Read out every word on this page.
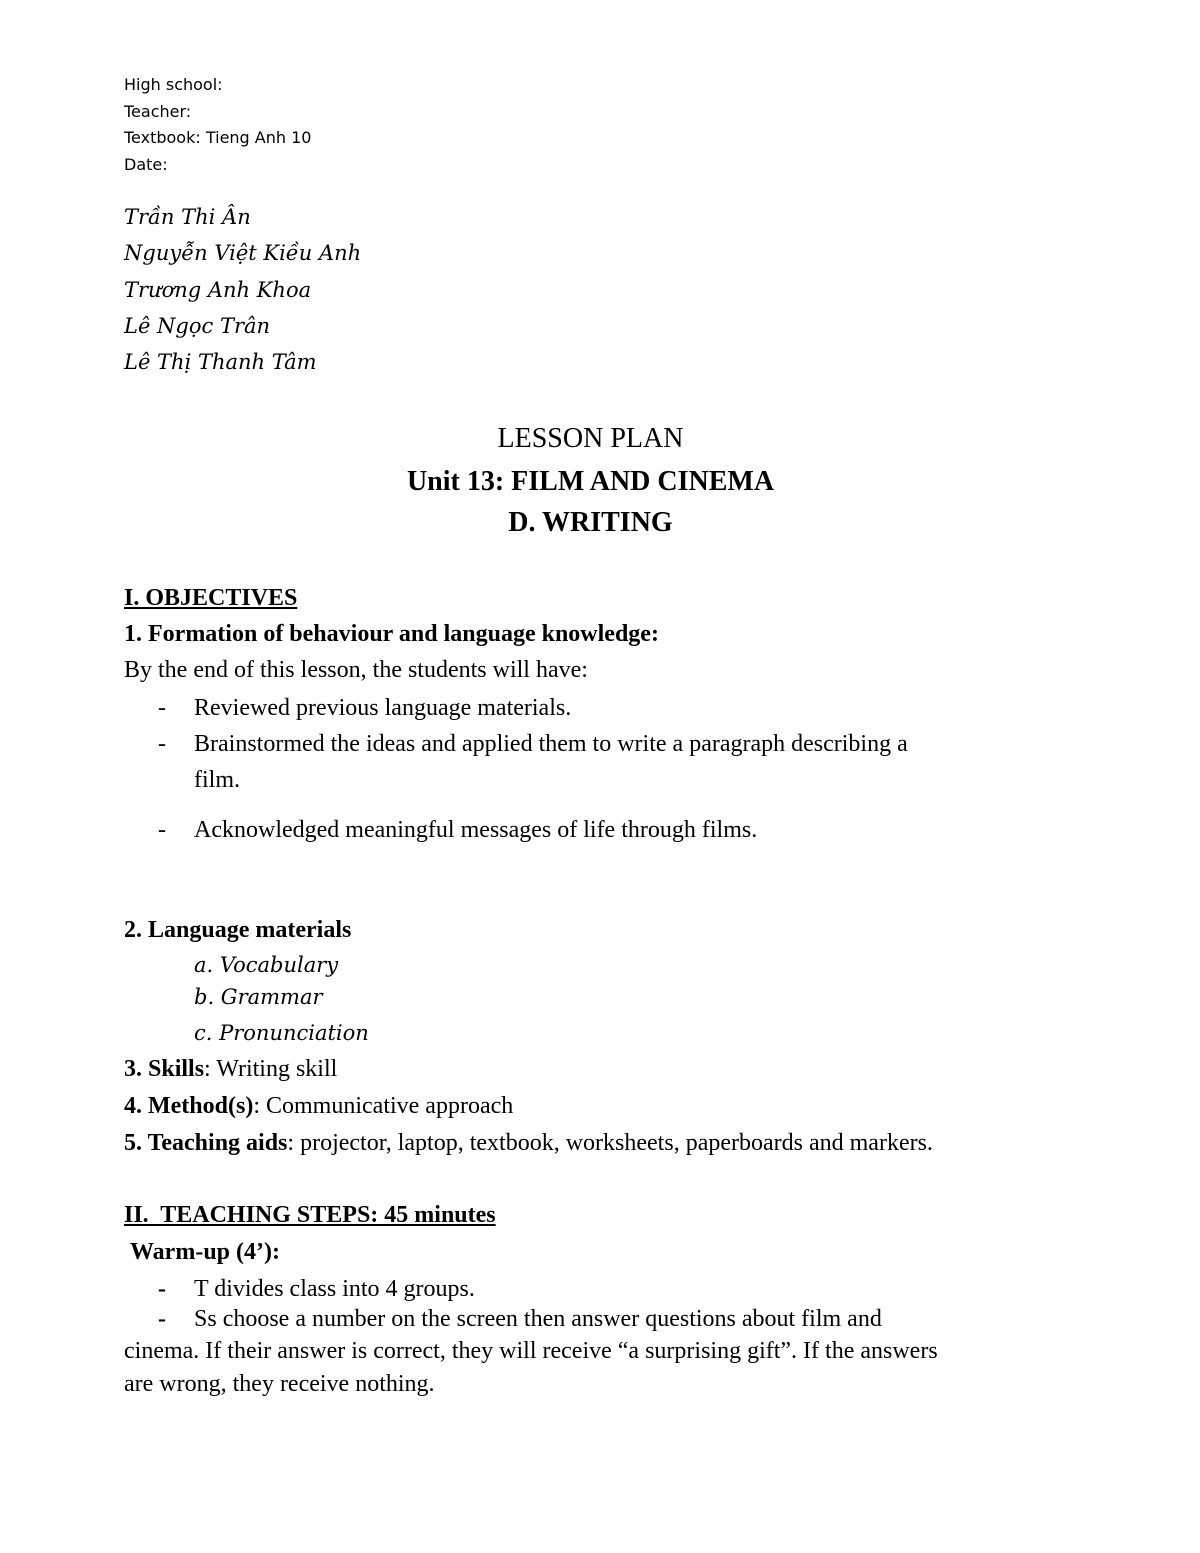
High school:
Teacher:
Textbook: Tieng Anh 10
Date:
Trần Thi Ân
Nguyễn Việt Kiều Anh
Trương Anh Khoa
Lê Ngọc Trân
Lê Thị Thanh Tâm
LESSON PLAN
Unit 13: FILM AND CINEMA
D. WRITING
I. OBJECTIVES
1. Formation of behaviour and language knowledge:
By the end of this lesson, the students will have:
- Reviewed previous language materials.
- Brainstormed the ideas and applied them to write a paragraph describing a
film.
- Acknowledged meaningful messages of life through films.
2. Language materials
a. Vocabulary
b. Grammar
c. Pronunciation
3. Skills: Writing skill
4. Method(s): Communicative approach
5. Teaching aids: projector, laptop, textbook, worksheets, paperboards and markers.
II.  TEACHING STEPS: 45 minutes
Warm-up (4’):
- T divides class into 4 groups.
- Ss choose a number on the screen then answer questions about film and
cinema. If their answer is correct, they will receive “a surprising gift”. If the answers
are wrong, they receive nothing.
